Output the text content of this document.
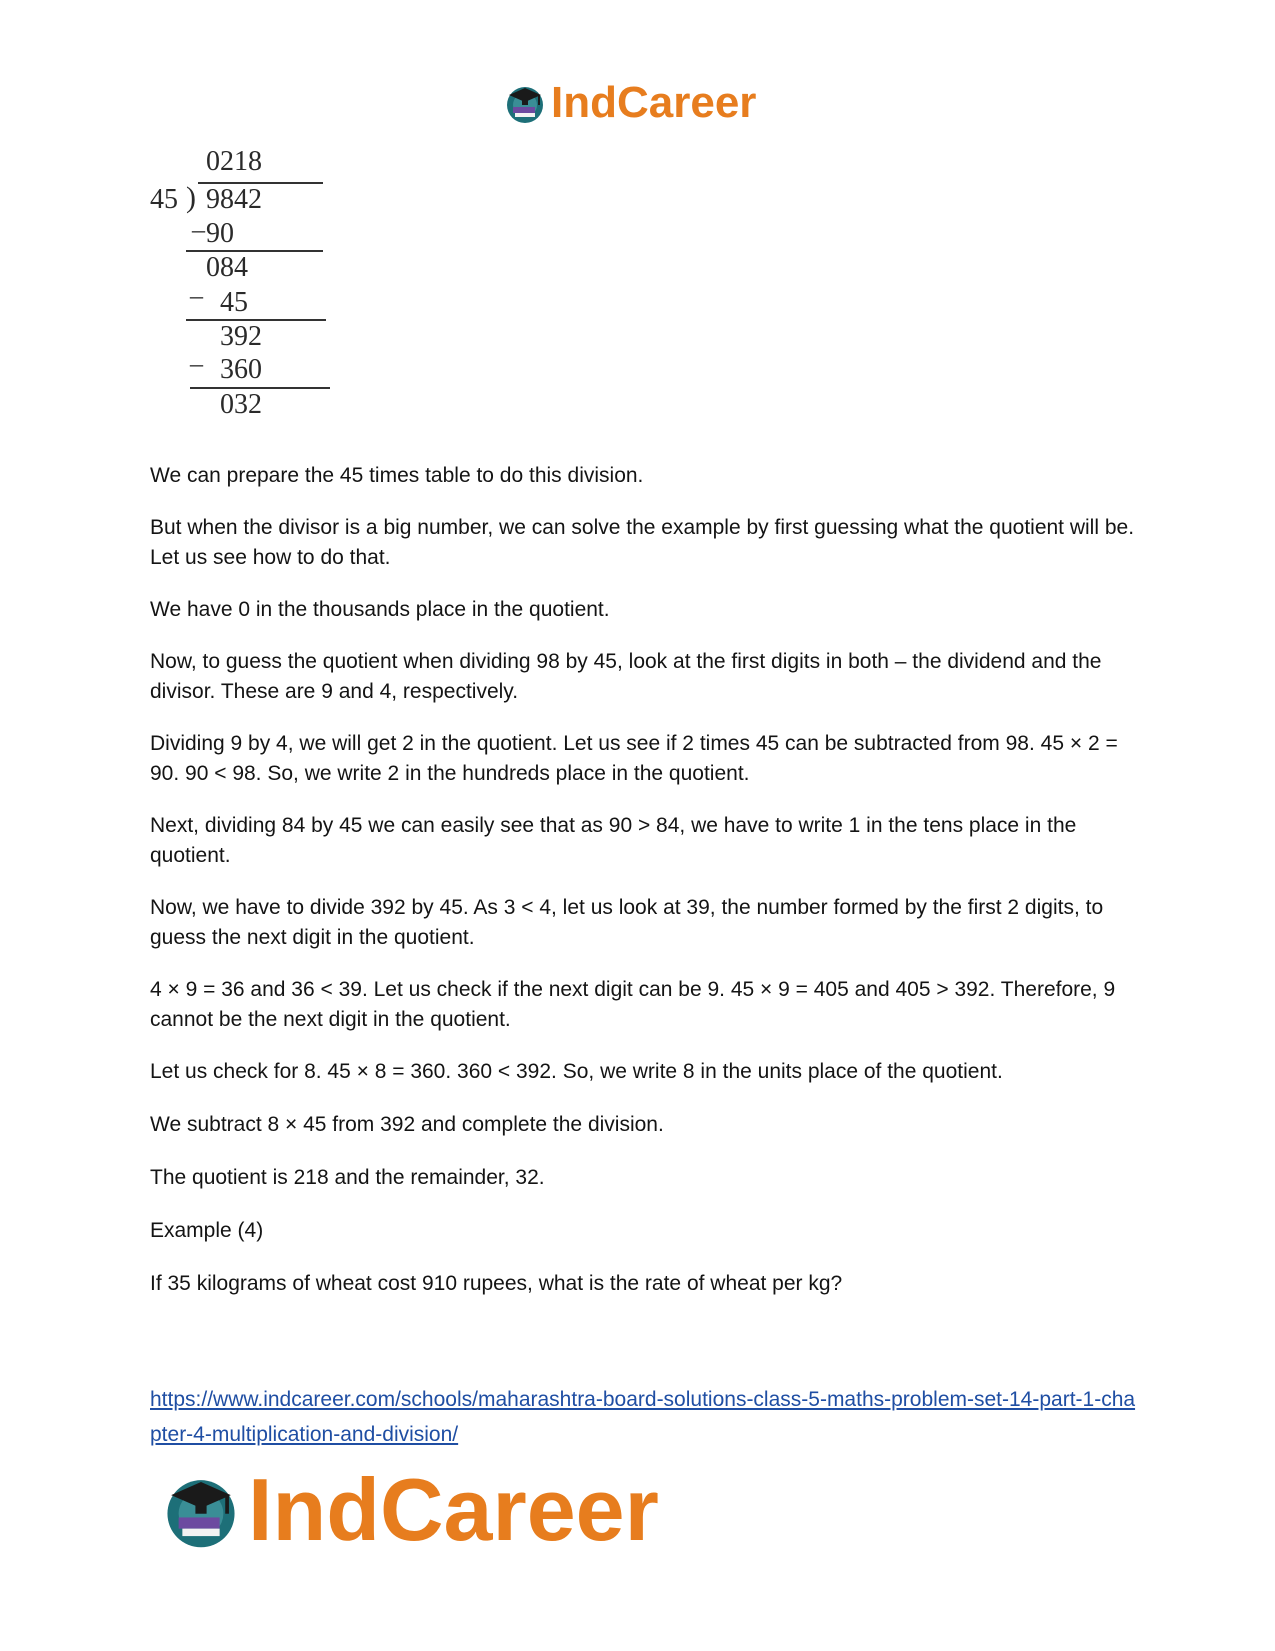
IndCareer
0218
45 ) 9842
_ 90
084
_
45
392
_ 360
032

We can prepare the 45 times table to do this division.

But when the divisor is a big number, we can solve the example by first guessing what the quotient will be. Let us see how to do that.

We have 0 in the thousands place in the quotient.

Now, to guess the quotient when dividing 98 by 45, look at the first digits in both – the dividend and the divisor. These are 9 and 4, respectively.

Dividing 9 by 4, we will get 2 in the quotient. Let us see if 2 times 45 can be subtracted from 98. 45 × 2 = 90. 90 < 98. So, we write 2 in the hundreds place in the quotient.

Next, dividing 84 by 45 we can easily see that as 90 > 84, we have to write 1 in the tens place in the quotient.

Now, we have to divide 392 by 45. As 3 < 4, let us look at 39, the number formed by the first 2 digits, to guess the next digit in the quotient.

4 × 9 = 36 and 36 < 39. Let us check if the next digit can be 9. 45 × 9 = 405 and 405 > 392. Therefore, 9 cannot be the next digit in the quotient.

Let us check for 8. 45 × 8 = 360. 360 < 392. So, we write 8 in the units place of the quotient.

We subtract 8 × 45 from 392 and complete the division.

The quotient is 218 and the remainder, 32.

Example (4)

If 35 kilograms of wheat cost 910 rupees, what is the rate of wheat per kg?

https://www.indcareer.com/schools/maharashtra-board-solutions-class-5-maths-problem-set-14-part-1-chapter-4-multiplication-and-division/
IndCareer
